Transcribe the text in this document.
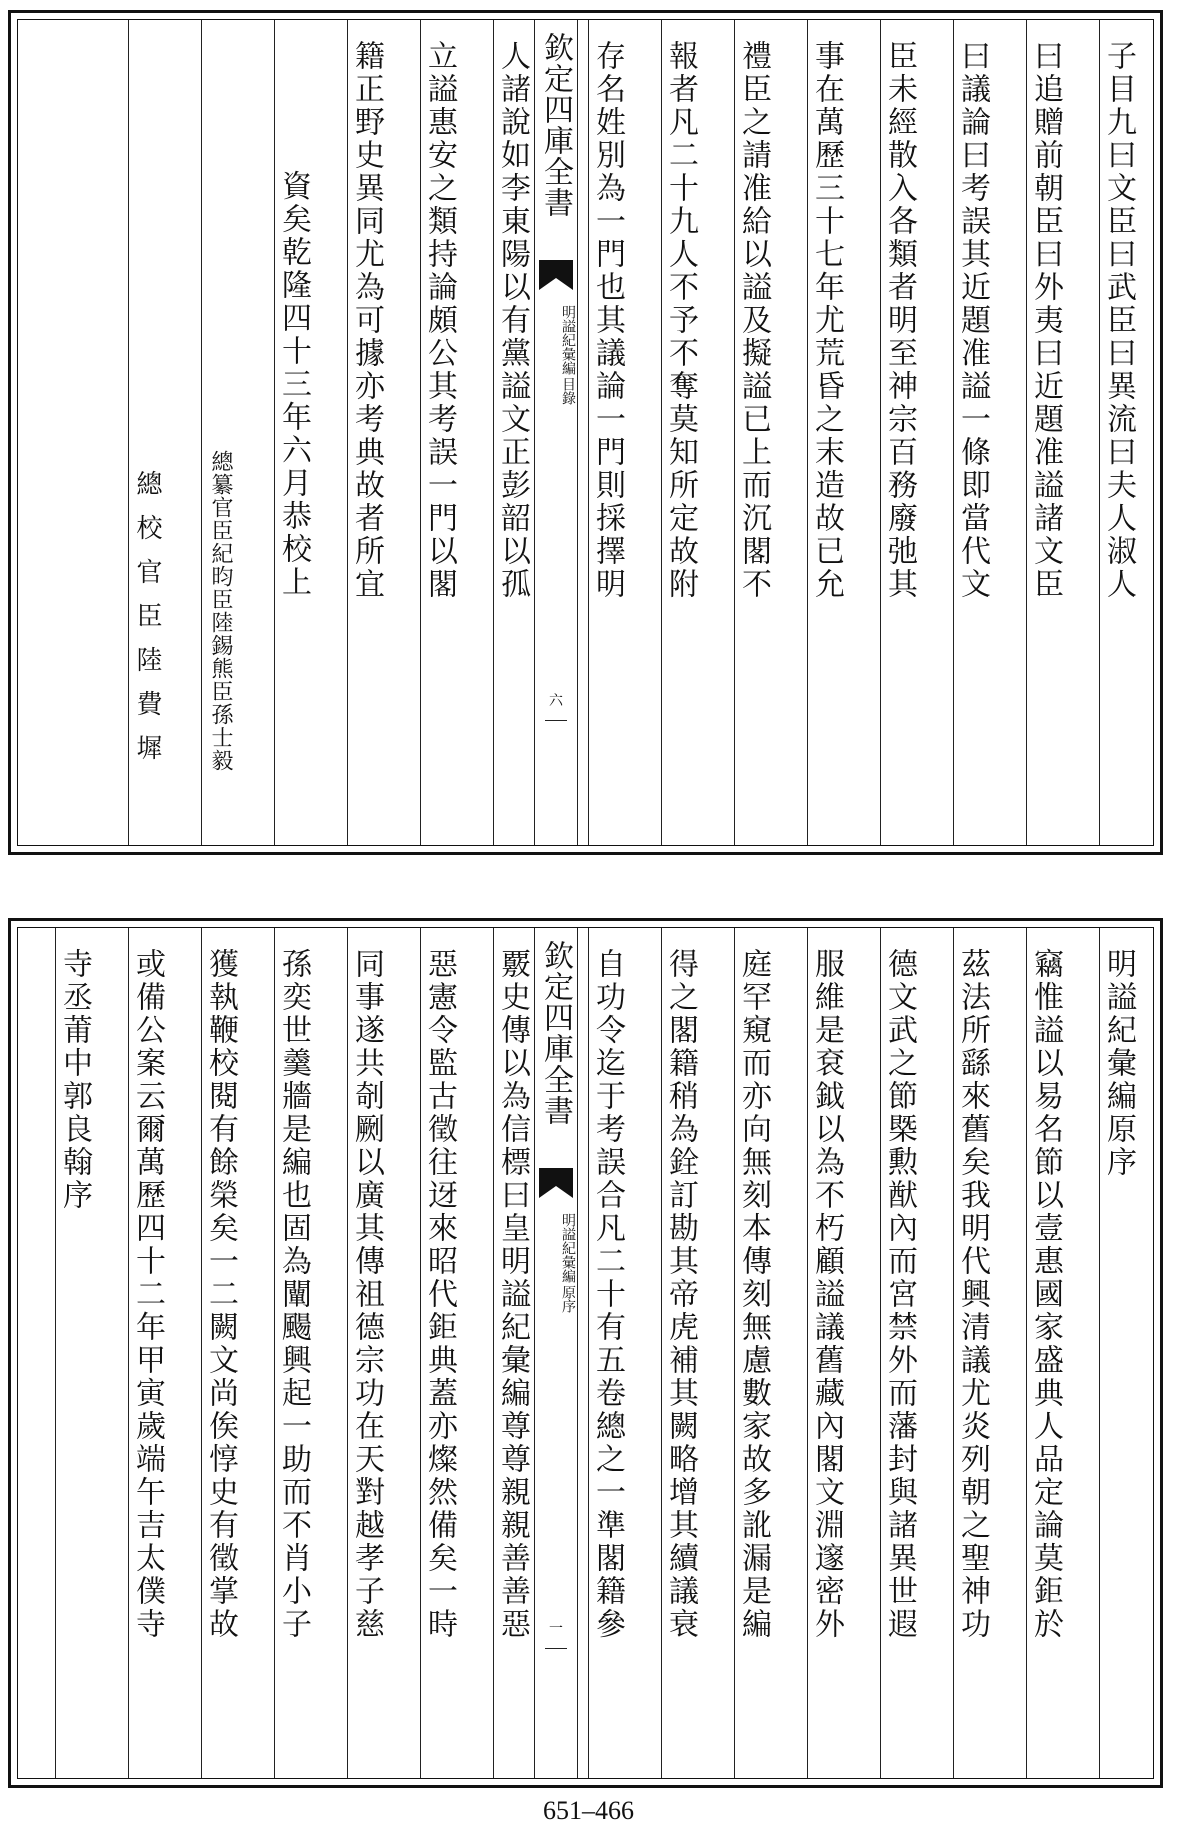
子目九曰文臣曰武臣曰異流曰夫人淑人
曰追贈前朝臣曰外夷曰近題准謚諸文臣
曰議論曰考誤其近題准謚一條即當代文
臣未經散入各類者明至神宗百務廢弛其
事在萬歷三十七年尤荒昏之末造故已允
禮臣之請准給以謚及擬謚已上而沉閣不
報者凡二十九人不予不奪莫知所定故附
存名姓別為一門也其議論一門則採擇明
欽定四庫全書
明謚紀彙編
目錄
六
人諸說如李東陽以有黨謚文正彭韶以孤
立謚惠安之類持論頗公其考誤一門以閣
籍正野史異同尤為可據亦考典故者所宜
資矣乾隆四十三年六月恭校上
總纂官臣紀昀臣陸錫熊臣孫士毅
總校官臣陸費墀
明謚紀彙編原序
竊惟謚以易名節以壹惠國家盛典人品定論莫鉅於
茲法所繇來舊矣我明代興清議尤炎列朝之聖神功
德文武之節槩勲猷內而宮禁外而藩封與諸異世遐
服維是袞鉞以為不朽顧謚議舊藏內閣文淵邃密外
庭罕窺而亦向無刻本傳刻無慮數家故多訛漏是編
得之閣籍稍為銓訂勘其帝虎補其闕略增其續議衰
自功令迄于考誤合凡二十有五卷總之一準閣籍參
欽定四庫全書
明謚紀彙編
原序
一
覈史傳以為信標曰皇明謚紀彙編尊尊親親善善惡
惡憲令監古徵往迓來昭代鉅典蓋亦燦然備矣一時
同事遂共剞劂以廣其傳祖德宗功在天對越孝子慈
孫奕世羹牆是編也固為闡颺興起一助而不肖小子
獲執鞭校閱有餘榮矣一二闕文尚俟惇史有徵掌故
或備公案云爾萬歷四十二年甲寅歲端午吉太僕寺
寺丞莆中郭良翰序
651–466
